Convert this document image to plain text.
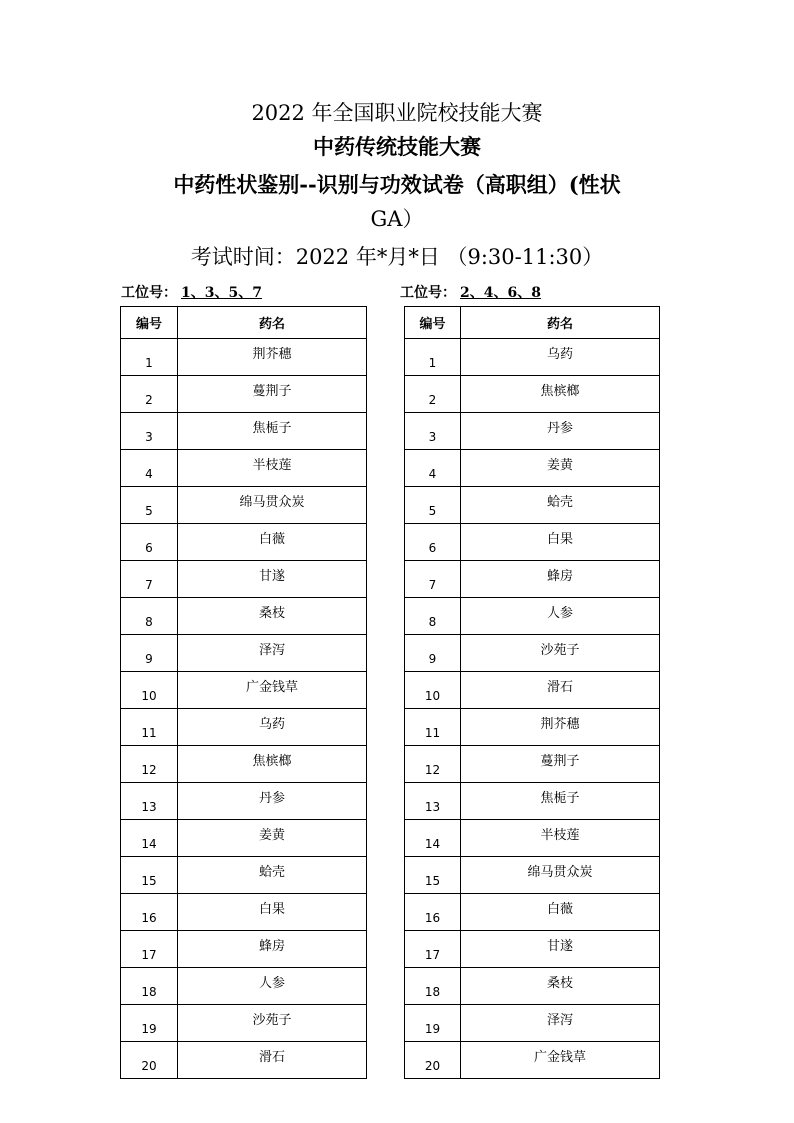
2022 年全国职业院校技能大赛
中药传统技能大赛
中药性状鉴别--识别与功效试卷（高职组）(性状
GA）
考试时间：2022 年*月*日 （9:30-11:30）
工位号： 1、3、5、7	工位号： 2、4、6、8
编号	药名
1	荆芥穗
2	蔓荆子
3	焦栀子
4	半枝莲
5	绵马贯众炭
6	白薇
7	甘遂
8	桑枝
9	泽泻
10	广金钱草
11	乌药
12	焦槟榔
13	丹参
14	姜黄
15	蛤壳
16	白果
17	蜂房
18	人参
19	沙苑子
20	滑石
编号	药名
1	乌药
2	焦槟榔
3	丹参
4	姜黄
5	蛤壳
6	白果
7	蜂房
8	人参
9	沙苑子
10	滑石
11	荆芥穗
12	蔓荆子
13	焦栀子
14	半枝莲
15	绵马贯众炭
16	白薇
17	甘遂
18	桑枝
19	泽泻
20	广金钱草
